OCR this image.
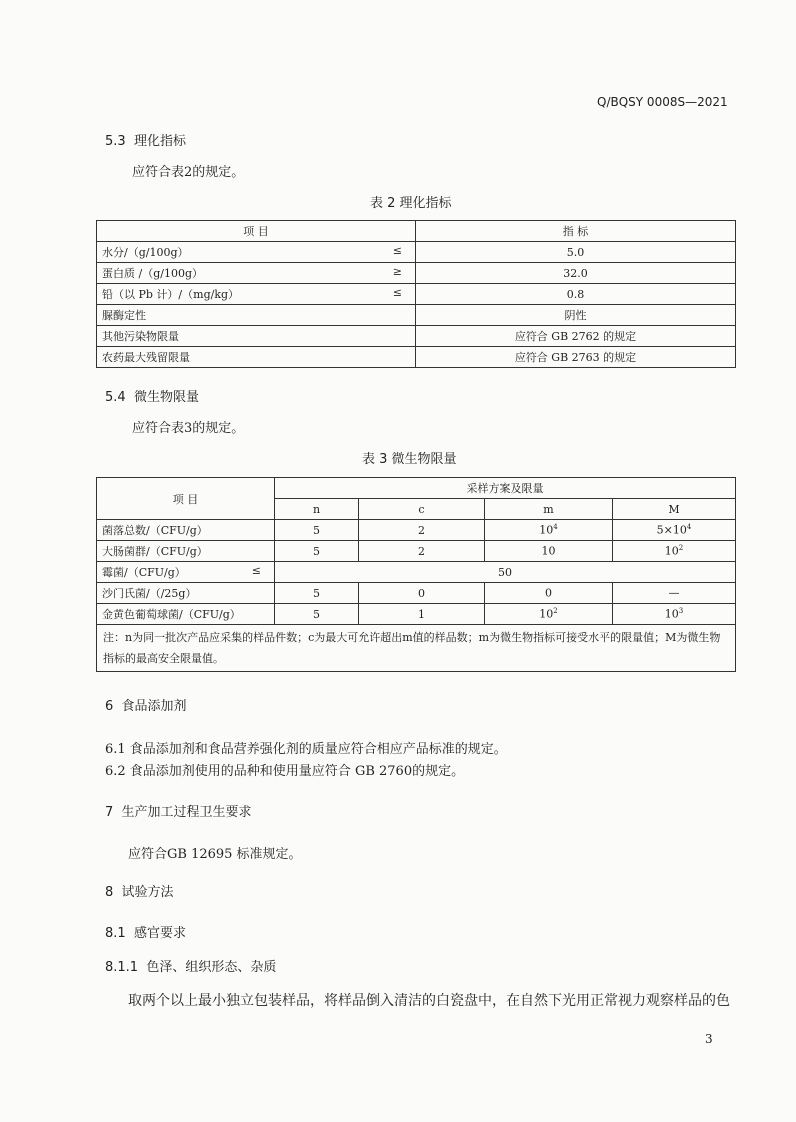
Q/BQSY 0008S—2021
5.3 理化指标
应符合表2的规定。
表 2 理化指标
项 目	指 标
水分/（g/100g） ≤	5.0
蛋白质 /（g/100g） ≥	32.0
铅（以 Pb 计）/（mg/kg） ≤	0.8
脲酶定性	阴性
其他污染物限量	应符合 GB 2762 的规定
农药最大残留限量	应符合 GB 2763 的规定
5.4 微生物限量
应符合表3的规定。
表 3 微生物限量
项 目	采样方案及限量			
	n	c	m	M
菌落总数/（CFU/g）	5	2	$10^4$	$5\times 10^4$
大肠菌群/（CFU/g）	5	2	10	$10^2$
霉菌/（CFU/g） ≤	50			
沙门氏菌/（/25g）	5	0	0	—
金黄色葡萄球菌/（CFU/g）	5	1	$10^2$	$10^3$
注：n为同一批次产品应采集的样品件数；c为最大可允许超出m值的样品数；m为微生物指标可接受水平的限量值；M为微生物指标的最高安全限量值。				
6 食品添加剂
6.1 食品添加剂和食品营养强化剂的质量应符合相应产品标准的规定。
6.2 食品添加剂使用的品种和使用量应符合 GB 2760的规定。
7 生产加工过程卫生要求
应符合GB 12695 标准规定。
8 试验方法
8.1 感官要求
8.1.1 色泽、组织形态、杂质
取两个以上最小独立包装样品，将样品倒入清洁的白瓷盘中，在自然下光用正常视力观察样品的色
3
